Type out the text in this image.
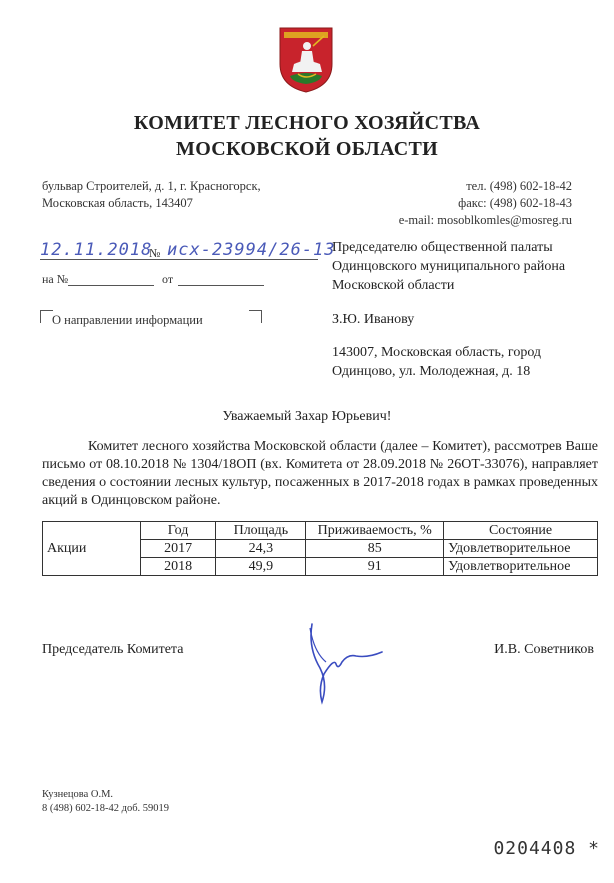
КОМИТЕТ ЛЕСНОГО ХОЗЯЙСТВА
МОСКОВСКОЙ ОБЛАСТИ
бульвар Строителей, д. 1, г. Красногорск,
Московская область, 143407
тел. (498) 602-18-42
факс: (498) 602-18-43
e-mail: mosoblkomles@mosreg.ru
12.11.2018
№ исх-23994/26-13
на №	от
О направлении информации
Председателю общественной палаты
Одинцовского муниципального района
Московской области
З.Ю. Иванову
143007, Московская область, город
Одинцово, ул. Молодежная, д. 18
Уважаемый Захар Юрьевич!
Комитет лесного хозяйства Московской области (далее – Комитет), рассмотрев Ваше письмо от 08.10.2018 № 1304/18ОП (вх. Комитета от 28.09.2018 № 26ОТ-33076), направляет сведения о состоянии лесных культур, посаженных в 2017-2018 годах в рамках проведенных акций в Одинцовском районе.
Акции	Год	Площадь	Приживаемость, %	Состояние
	2017	24,3	85	Удовлетворительное
	2018	49,9	91	Удовлетворительное
Председатель Комитета	И.В. Советников
Кузнецова О.М.
8 (498) 602-18-42 доб. 59019
0204408 *
